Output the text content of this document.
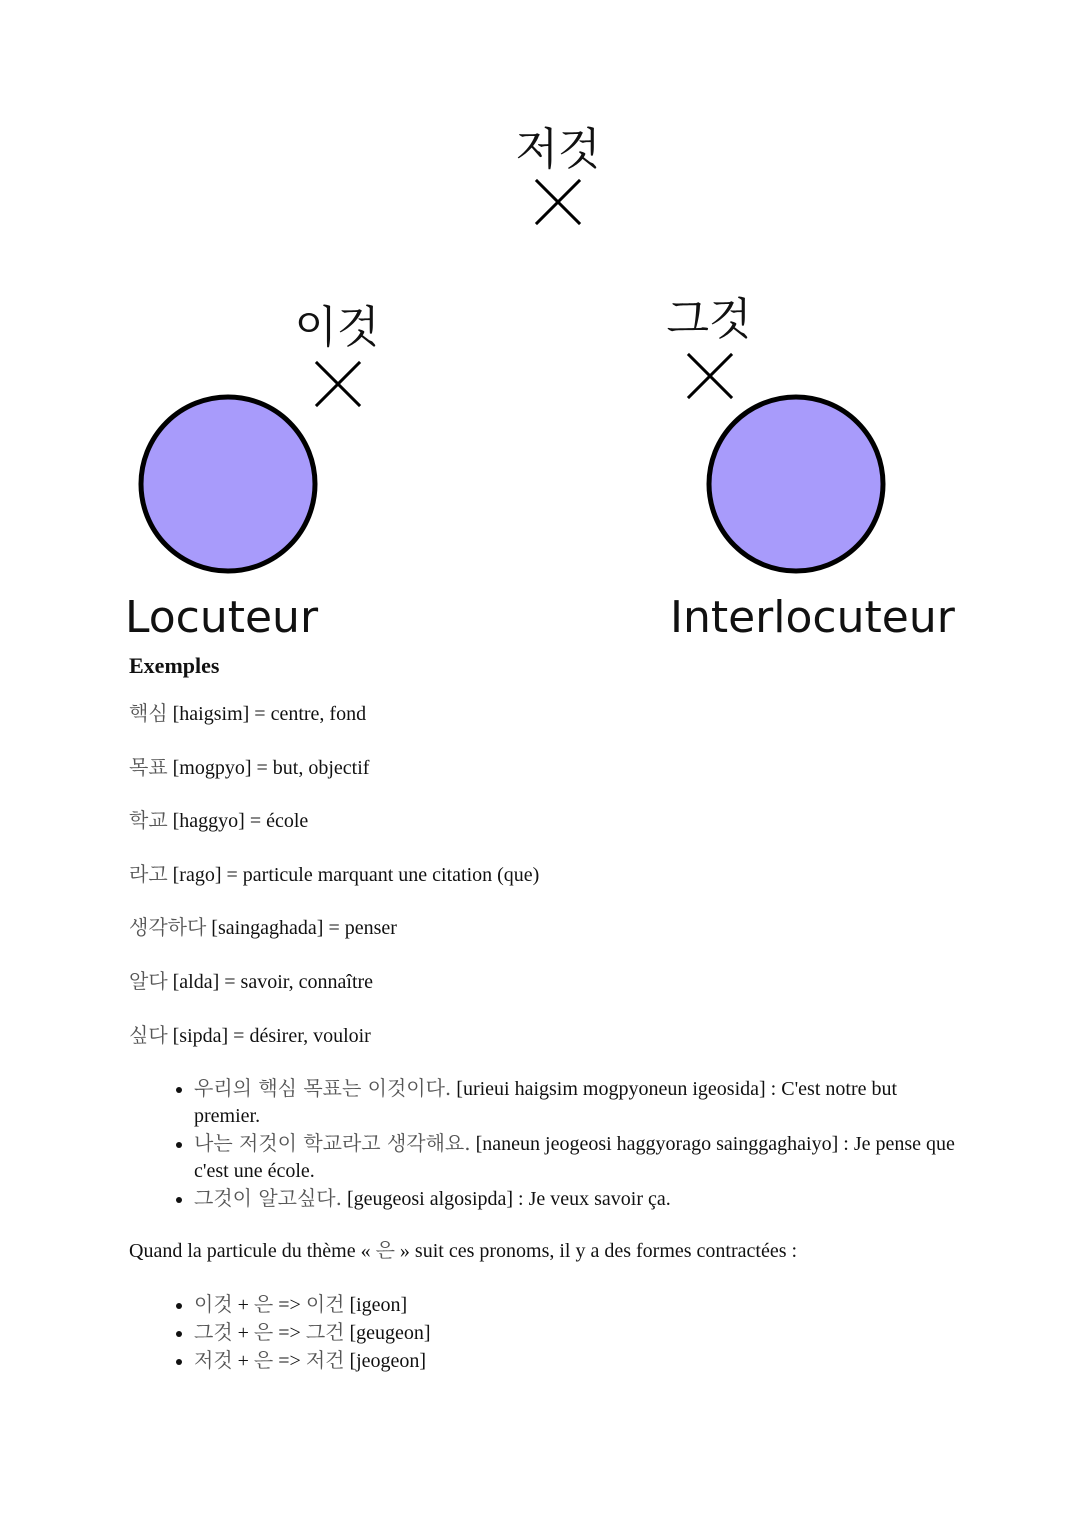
저것
이것	그것
Locuteur	Interlocuteur
Exemples
핵심 [haigsim] = centre, fond
목표 [mogpyo] = but, objectif
학교 [haggyo] = école
라고 [rago] = particule marquant une citation (que)
생각하다 [saingaghada] = penser
알다 [alda] = savoir, connaître
싶다 [sipda] = désirer, vouloir
• 우리의 핵심 목표는 이것이다. [urieui haigsim mogpyoneun igeosida] : C'est notre but premier.
• 나는 저것이 학교라고 생각해요. [naneun jeogeosi haggyorago sainggaghaiyo] : Je pense que c'est une école.
• 그것이 알고싶다. [geugeosi algosipda] : Je veux savoir ça.

Quand la particule du thème « 은 » suit ces pronoms, il y a des formes contractées :

• 이것 + 은 => 이건 [igeon]
• 그것 + 은 => 그건 [geugeon]
• 저것 + 은 => 저건 [jeogeon]
